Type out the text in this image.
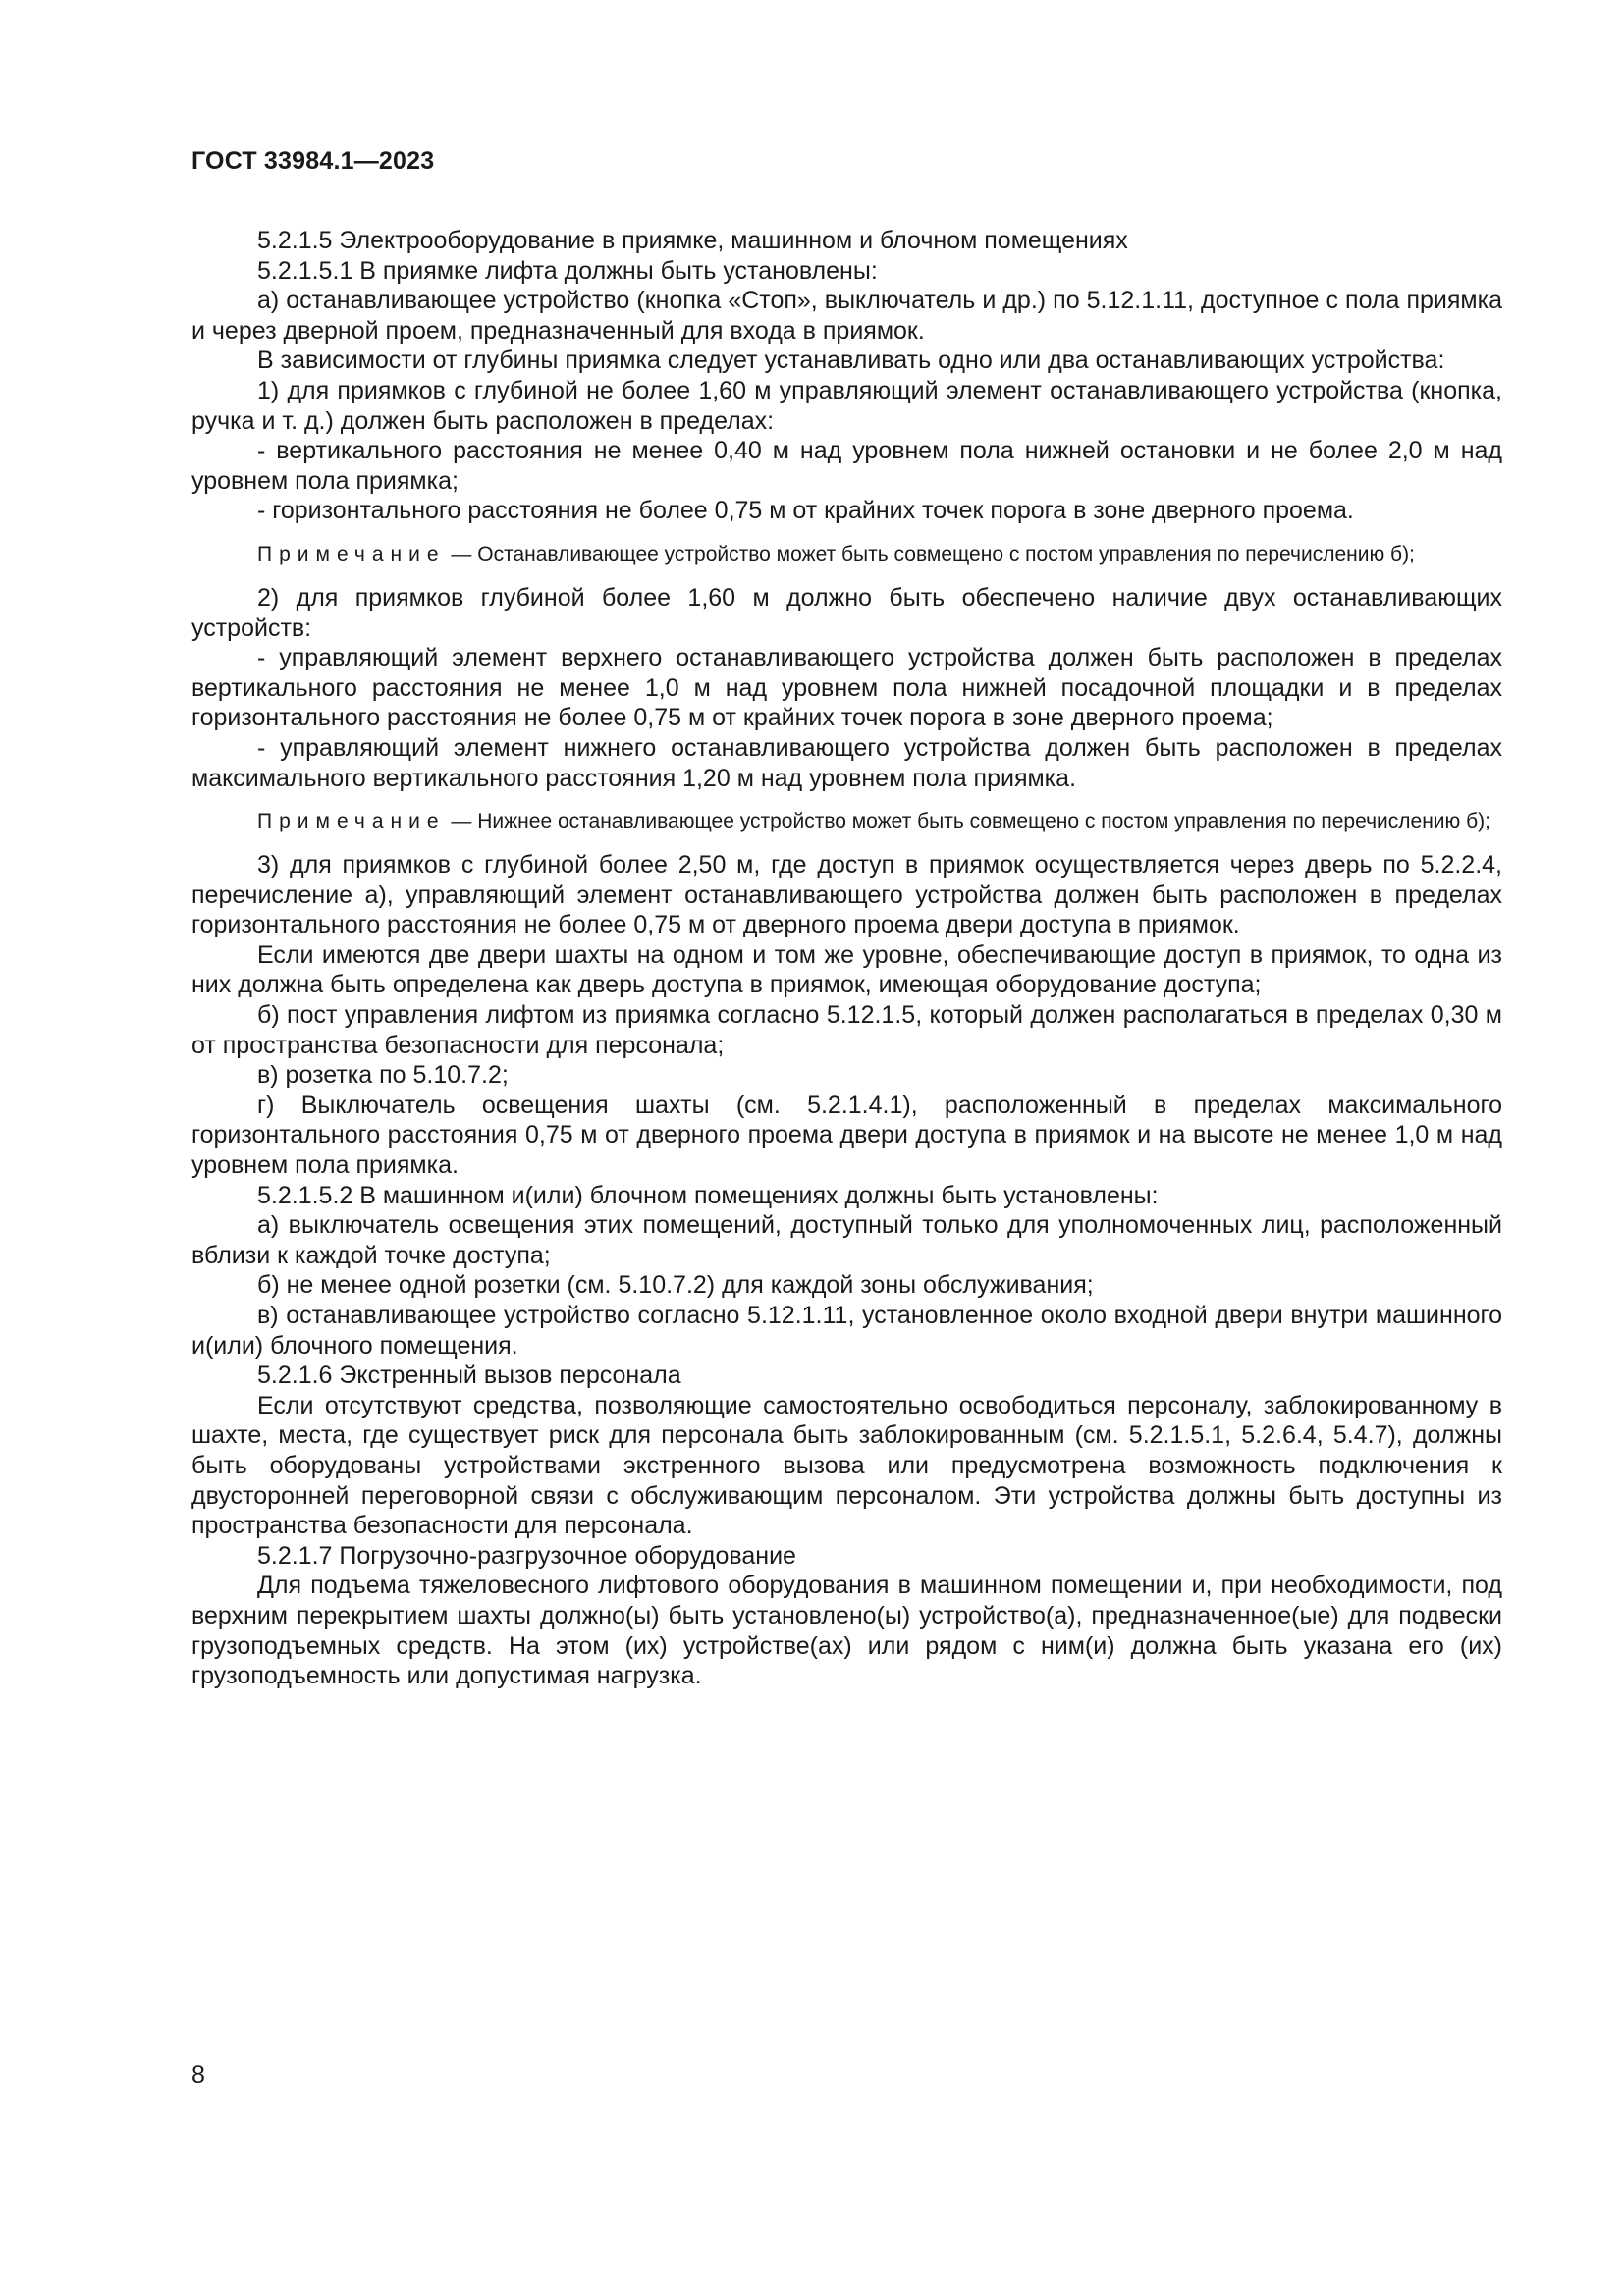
ГОСТ 33984.1—2023

5.2.1.5 Электрооборудование в приямке, машинном и блочном помещениях

5.2.1.5.1 В приямке лифта должны быть установлены:

а) останавливающее устройство (кнопка «Стоп», выключатель и др.) по 5.12.1.11, доступное с пола приямка и через дверной проем, предназначенный для входа в приямок.

В зависимости от глубины приямка следует устанавливать одно или два останавливающих устройства:

1) для приямков с глубиной не более 1,60 м управляющий элемент останавливающего устройства (кнопка, ручка и т. д.) должен быть расположен в пределах:

- вертикального расстояния не менее 0,40 м над уровнем пола нижней остановки и не более 2,0 м над уровнем пола приямка;

- горизонтального расстояния не более 0,75 м от крайних точек порога в зоне дверного проема.

Примечание — Останавливающее устройство может быть совмещено с постом управления по перечислению б);

2) для приямков глубиной более 1,60 м должно быть обеспечено наличие двух останавливающих устройств:

- управляющий элемент верхнего останавливающего устройства должен быть расположен в пределах вертикального расстояния не менее 1,0 м над уровнем пола нижней посадочной площадки и в пределах горизонтального расстояния не более 0,75 м от крайних точек порога в зоне дверного проема;

- управляющий элемент нижнего останавливающего устройства должен быть расположен в пределах максимального вертикального расстояния 1,20 м над уровнем пола приямка.

Примечание — Нижнее останавливающее устройство может быть совмещено с постом управления по перечислению б);

3) для приямков с глубиной более 2,50 м, где доступ в приямок осуществляется через дверь по 5.2.2.4, перечисление а), управляющий элемент останавливающего устройства должен быть расположен в пределах горизонтального расстояния не более 0,75 м от дверного проема двери доступа в приямок.

Если имеются две двери шахты на одном и том же уровне, обеспечивающие доступ в приямок, то одна из них должна быть определена как дверь доступа в приямок, имеющая оборудование доступа;

б) пост управления лифтом из приямка согласно 5.12.1.5, который должен располагаться в пределах 0,30 м от пространства безопасности для персонала;

в) розетка по 5.10.7.2;

г) Выключатель освещения шахты (см. 5.2.1.4.1), расположенный в пределах максимального горизонтального расстояния 0,75 м от дверного проема двери доступа в приямок и на высоте не менее 1,0 м над уровнем пола приямка.

5.2.1.5.2 В машинном и(или) блочном помещениях должны быть установлены:

а) выключатель освещения этих помещений, доступный только для уполномоченных лиц, расположенный вблизи к каждой точке доступа;

б) не менее одной розетки (см. 5.10.7.2) для каждой зоны обслуживания;

в) останавливающее устройство согласно 5.12.1.11, установленное около входной двери внутри машинного и(или) блочного помещения.

5.2.1.6 Экстренный вызов персонала

Если отсутствуют средства, позволяющие самостоятельно освободиться персоналу, заблокированному в шахте, места, где существует риск для персонала быть заблокированным (см. 5.2.1.5.1, 5.2.6.4, 5.4.7), должны быть оборудованы устройствами экстренного вызова или предусмотрена возможность подключения к двусторонней переговорной связи с обслуживающим персоналом. Эти устройства должны быть доступны из пространства безопасности для персонала.

5.2.1.7 Погрузочно-разгрузочное оборудование

Для подъема тяжеловесного лифтового оборудования в машинном помещении и, при необходимости, под верхним перекрытием шахты должно(ы) быть установлено(ы) устройство(а), предназначенное(ые) для подвески грузоподъемных средств. На этом (их) устройстве(ах) или рядом с ним(и) должна быть указана его (их) грузоподъемность или допустимая нагрузка.

8
